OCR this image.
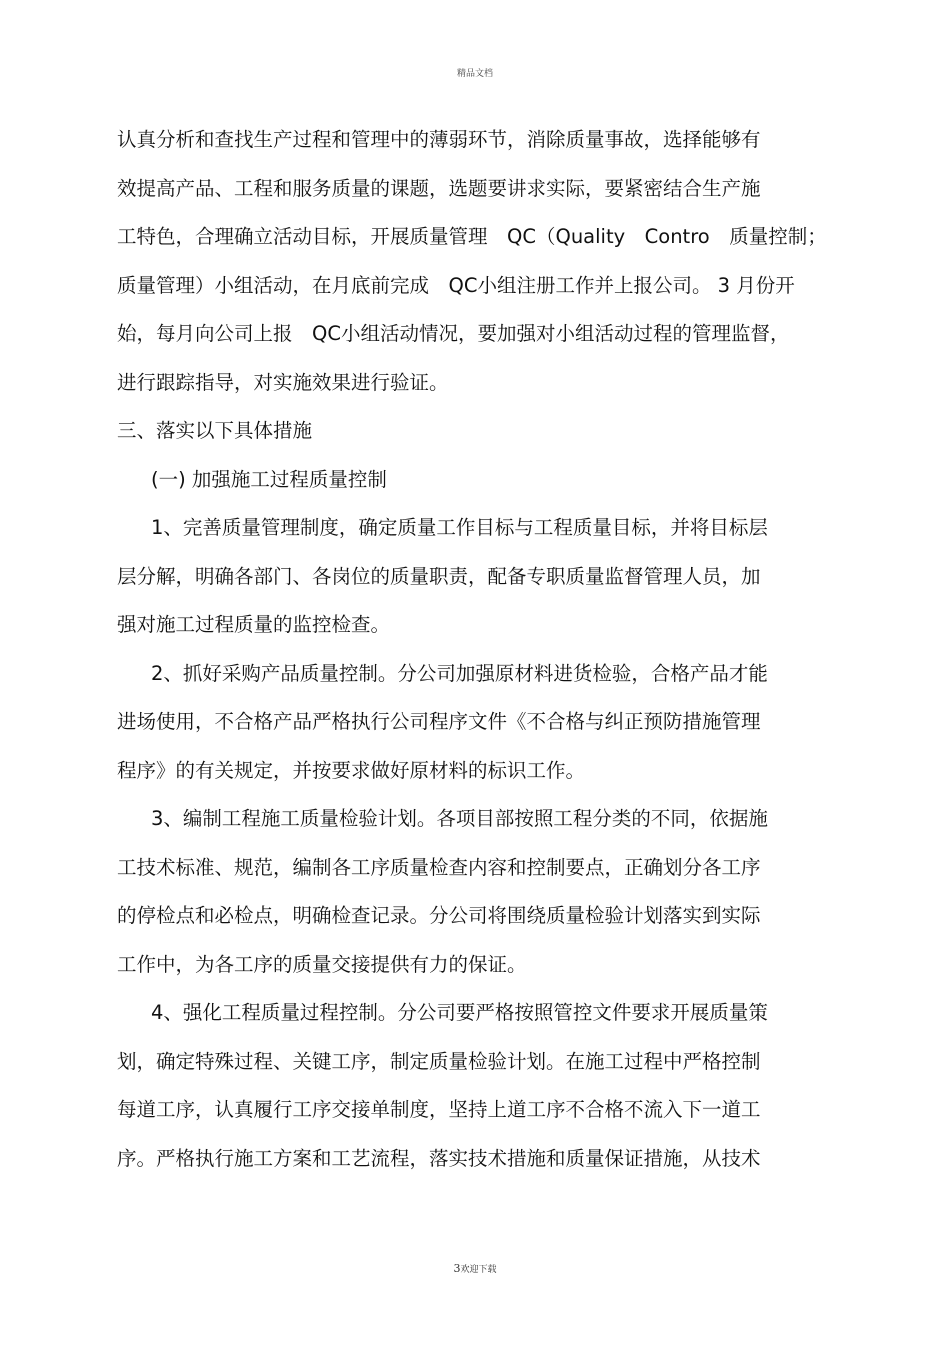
精品文档
认真分析和查找生产过程和管理中的薄弱环节，消除质量事故，选择能够有
效提高产品、工程和服务质量的课题，选题要讲求实际，要紧密结合生产施
工特色，合理确立活动目标，开展质量管理　QC（Quality　Contro　质量控制；
质量管理）小组活动，在月底前完成　QC小组注册工作并上报公司。 3 月份开
始，每月向公司上报　QC小组活动情况，要加强对小组活动过程的管理监督，
进行跟踪指导，对实施效果进行验证。
三、落实以下具体措施
(一) 加强施工过程质量控制
1、完善质量管理制度，确定质量工作目标与工程质量目标，并将目标层
层分解，明确各部门、各岗位的质量职责，配备专职质量监督管理人员，加
强对施工过程质量的监控检查。
2、抓好采购产品质量控制。分公司加强原材料进货检验，合格产品才能
进场使用，不合格产品严格执行公司程序文件《不合格与纠正预防措施管理
程序》的有关规定，并按要求做好原材料的标识工作。
3、编制工程施工质量检验计划。各项目部按照工程分类的不同，依据施
工技术标准、规范，编制各工序质量检查内容和控制要点，正确划分各工序
的停检点和必检点，明确检查记录。分公司将围绕质量检验计划落实到实际
工作中，为各工序的质量交接提供有力的保证。
4、强化工程质量过程控制。分公司要严格按照管控文件要求开展质量策
划，确定特殊过程、关键工序，制定质量检验计划。在施工过程中严格控制
每道工序，认真履行工序交接单制度，坚持上道工序不合格不流入下一道工
序。严格执行施工方案和工艺流程，落实技术措施和质量保证措施，从技术
3欢迎下载
